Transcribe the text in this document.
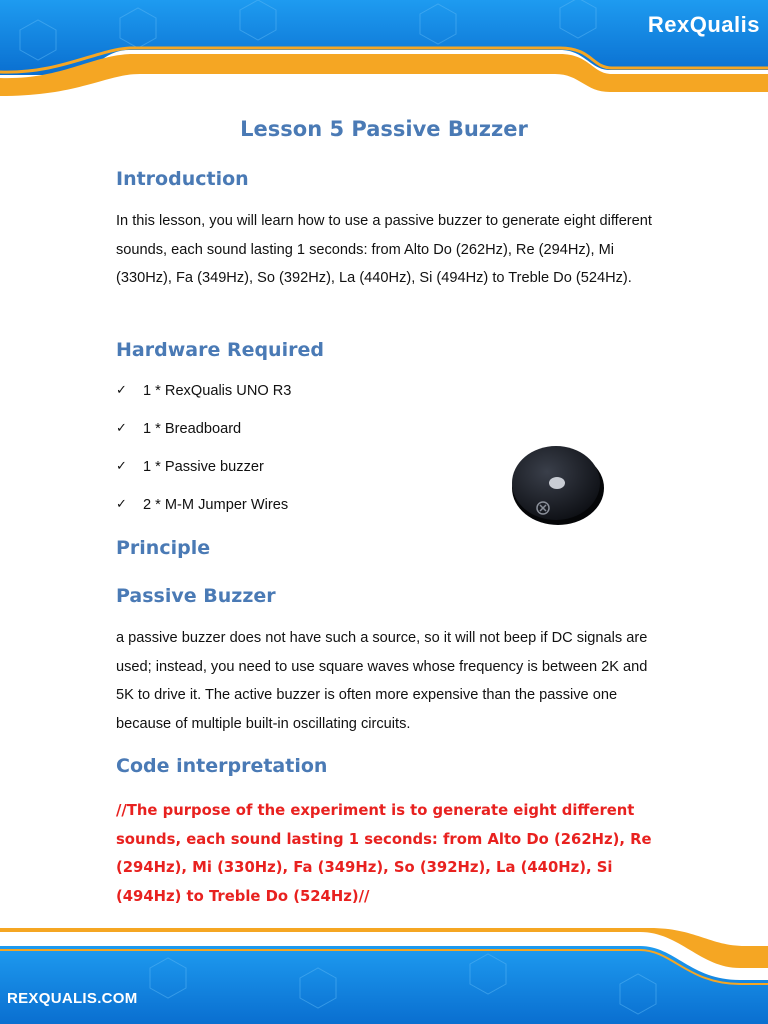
RexQualis
Lesson 5 Passive Buzzer
Introduction

In this lesson, you will learn how to use a passive buzzer to generate eight different sounds, each sound lasting 1 seconds: from Alto Do (262Hz), Re (294Hz), Mi (330Hz), Fa (349Hz), So (392Hz), La (440Hz), Si (494Hz) to Treble Do (524Hz).

Hardware Required
✓	1 * RexQualis UNO R3
✓	1 * Breadboard
✓	1 * Passive buzzer
✓	2 * M-M Jumper Wires
Principle
Passive Buzzer

a passive buzzer does not have such a source, so it will not beep if DC signals are used; instead, you need to use square waves whose frequency is between 2K and 5K to drive it. The active buzzer is often more expensive than the passive one because of multiple built-in oscillating circuits.

Code interpretation

//The purpose of the experiment is to generate eight different sounds, each sound lasting 1 seconds: from Alto Do (262Hz), Re (294Hz), Mi (330Hz), Fa (349Hz), So (392Hz), La (440Hz), Si (494Hz) to Treble Do (524Hz)//

REXQUALIS.COM
